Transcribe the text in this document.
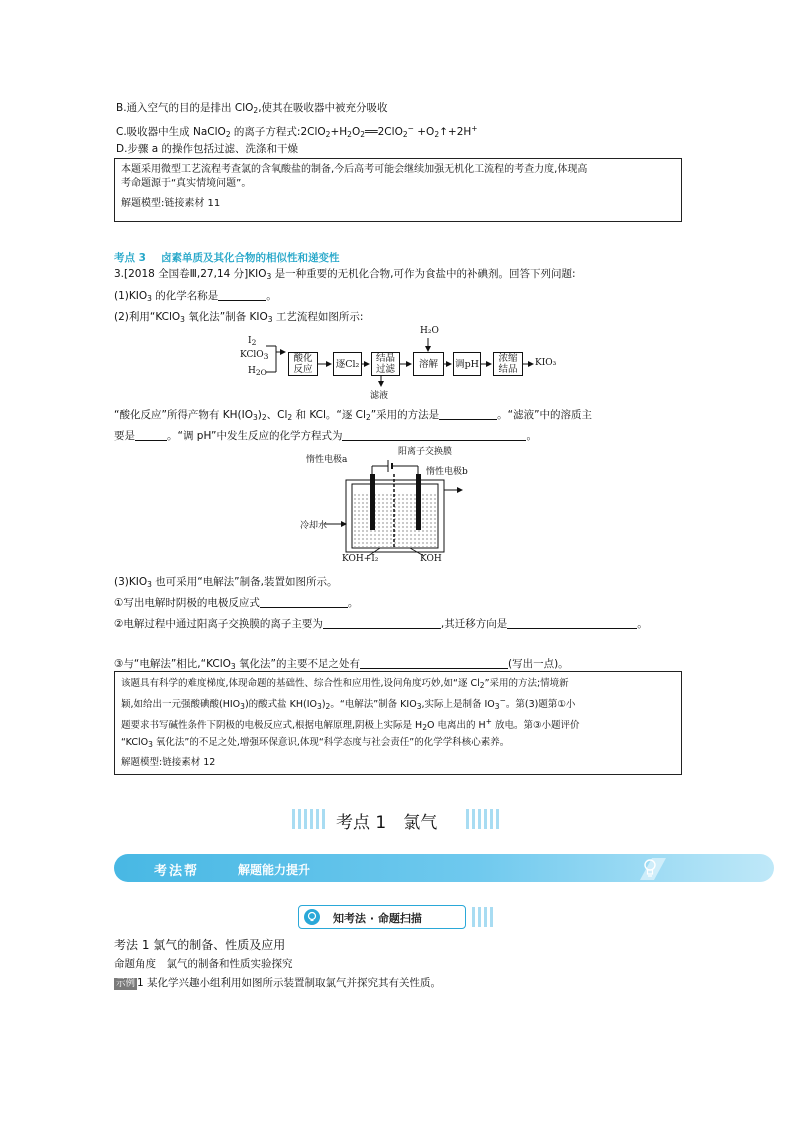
B.通入空气的目的是排出 ClO$_2$,使其在吸收器中被充分吸收
C.吸收器中生成 NaClO$_2$ 的离子方程式$:2ClO_2+H_2O_2══2ClO_2^-$ $+O_2↑+2H^+$
D.步骤 a 的操作包括过滤、洗涤和干燥
本题采用微型工艺流程考查氯的含氧酸盐的制备,今后高考可能会继续加强无机化工流程的考查力度,体现高
考命题源于“真实情境问题”。
解题模型:链接素材 11
考点 3 卤素单质及其化合物的相似性和递变性
3.[2018 全国卷Ⅲ,27,14 分]$KIO_3$ 是一种重要的无机化合物,可作为食盐中的补碘剂。回答下列问题:
$(1)KIO_3$ 的化学名称是	。
(2)利用“KClO$_3$ 氧化法”制备 $KIO_3$ 工艺流程如图所示:
$I_2$
KClO$_3$
$H_{2O}$
酸化
反应	逐Cl₂	结晶
过滤	溶解	调pH	浓缩
结品
H₂O
滤液
KIO₃
“酸化反应”所得产物有 $KH(IO_3)_2$、$Cl_2$ 和 KCl。“逐 $Cl_2$”采用的方法是	。“滤液”中的溶质主
要是	。“调 pH”中发生反应的化学方程式为	。
惰性电极a
阳离子交换膜
惰性电极b
冷却水
KOH+I₂	KOH
$(3)KIO_3$ 也可采用“电解法”制备,装置如图所示。
①写出电解时阴极的电极反应式	。
②电解过程中通过阳离子交换膜的离子主要为	,其迁移方向是	。
③与“电解法”相比,“KClO$_3$ 氧化法”的主要不足之处有	(写出一点)。
该题具有科学的难度梯度,体现命题的基础性、综合性和应用性,设问角度巧妙,如“逐 $Cl_2$”采用的方法;情境新
颖,如给出一元强酸碘酸$(HIO_3)$的酸式盐 $KH(IO_3)_2$。“电解法”制备 $KIO_3$,实际上是制备 $IO_3^-$。第(3)题第①小
题要求书写碱性条件下阴极的电极反应式,根据电解原理,阴极上实际是 $H_2O$ 电离出的 H+ 放电。第③小题评价
“KClO$_3$ 氧化法”的不足之处,增强环保意识,体现“科学态度与社会责任”的化学学科核心素养。
解题模型:链接素材 12
考点 1　氯气
考法帮	解题能力提升
知考法 · 命题扫描
考法 1 氯气的制备、性质及应用
命题角度　氯气的制备和性质实验探究
示例 1 某化学兴趣小组利用如图所示装置制取氯气并探究其有关性质。
